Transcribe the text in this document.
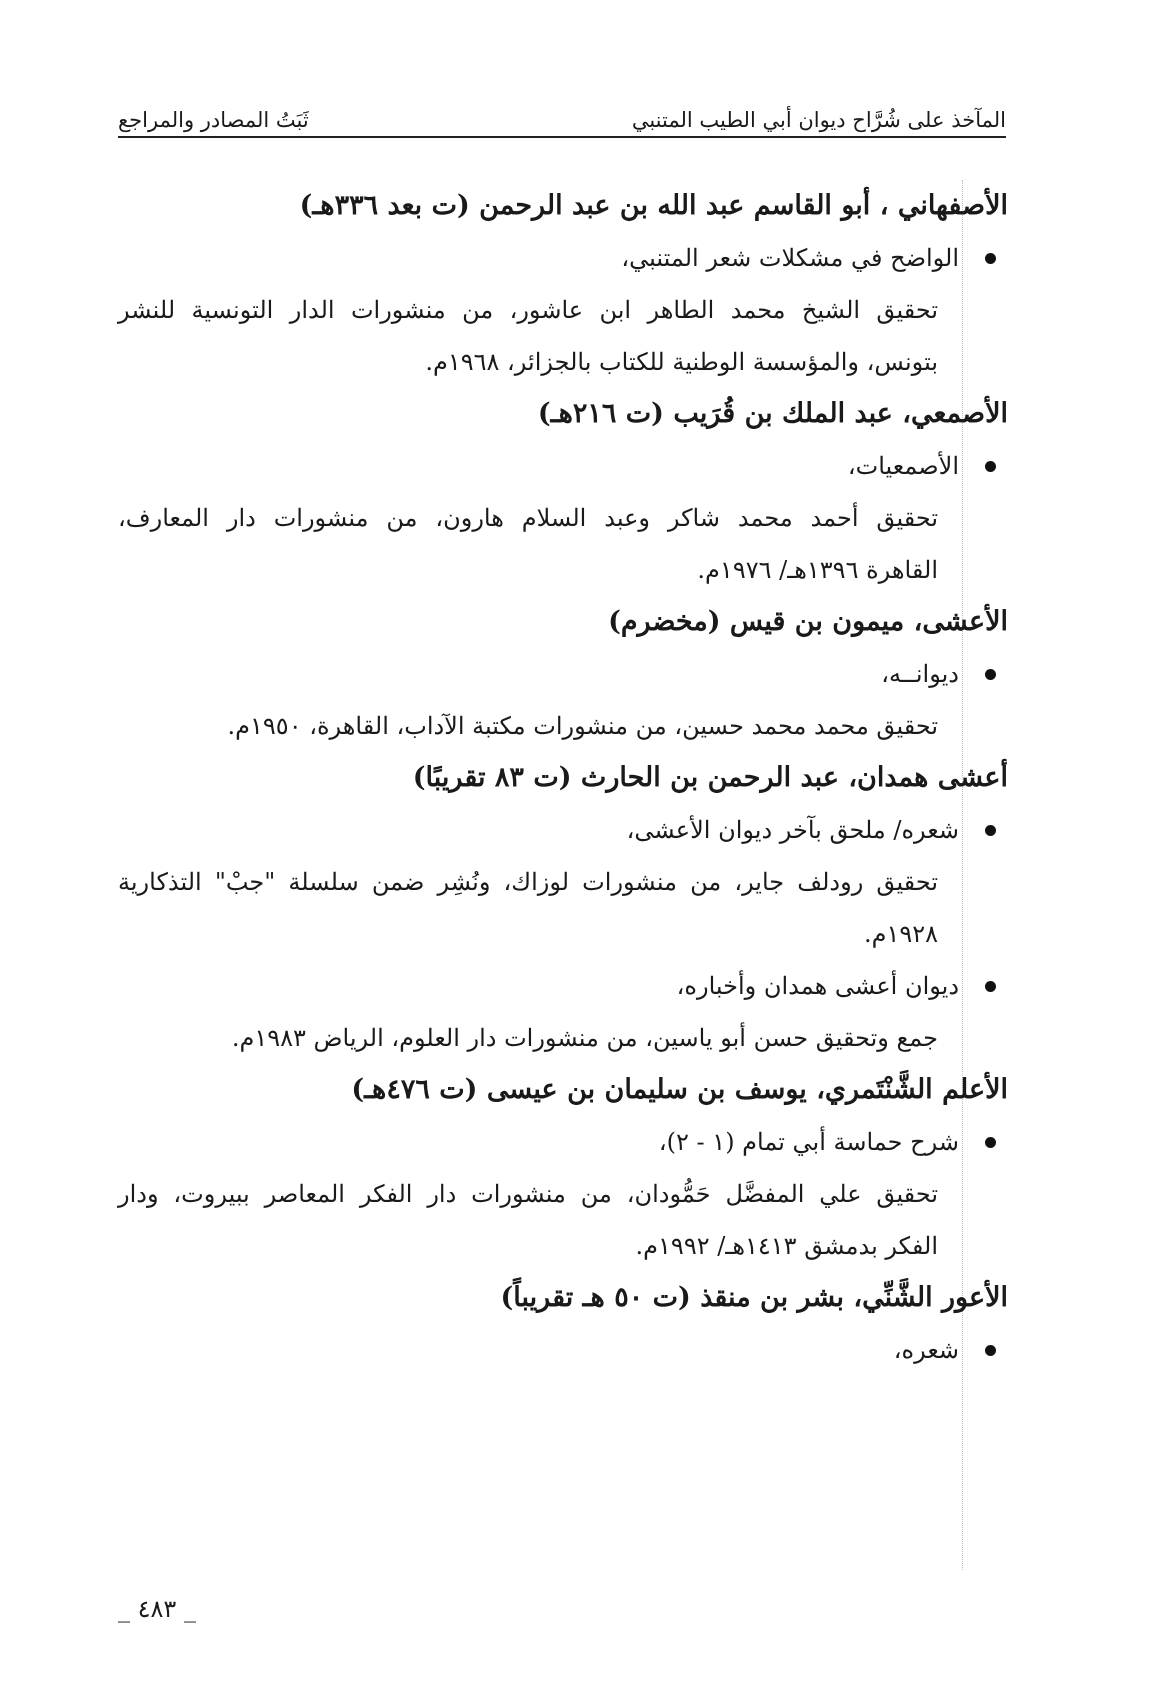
المآخذ على شُرَّاح ديوان أبي الطيب المتنبي
ثَبَتُ المصادر والمراجع
الأصفهاني ، أبو القاسم عبد الله بن عبد الرحمن (ت بعد ٣٣٦هـ)
الواضح في مشكلات شعر المتنبي،
تحقيق الشيخ محمد الطاهر ابن عاشور، من منشورات الدار التونسية للنشر
بتونس، والمؤسسة الوطنية للكتاب بالجزائر، ١٩٦٨م.
الأصمعي، عبد الملك بن قُرَيب (ت ٢١٦هـ)
الأصمعيات،
تحقيق أحمد محمد شاكر وعبد السلام هارون، من منشورات دار المعارف،
القاهرة ١٣٩٦هـ/ ١٩٧٦م.
الأعشى، ميمون بن قيس (مخضرم)
ديوانــه،
تحقيق محمد محمد حسين، من منشورات مكتبة الآداب، القاهرة، ١٩٥٠م.
أعشى همدان، عبد الرحمن بن الحارث (ت ٨٣ تقريبًا)
شعره/ ملحق بآخر ديوان الأعشى،
تحقيق رودلف جاير، من منشورات لوزاك، ونُشِر ضمن سلسلة "جبْ" التذكارية
١٩٢٨م.
ديوان أعشى همدان وأخباره،
جمع وتحقيق حسن أبو ياسين، من منشورات دار العلوم، الرياض ١٩٨٣م.
الأعلم الشَّنْتَمري، يوسف بن سليمان بن عيسى (ت ٤٧٦هـ)
شرح حماسة أبي تمام (١ - ٢)،
تحقيق علي المفضَّل حَمُّودان، من منشورات دار الفكر المعاصر ببيروت، ودار
الفكر بدمشق ١٤١٣هـ/ ١٩٩٢م.
الأعور الشَّنِّي، بشر بن منقذ (ت ٥٠ هـ تقريباً)
شعره،
_ ٤٨٣ _
